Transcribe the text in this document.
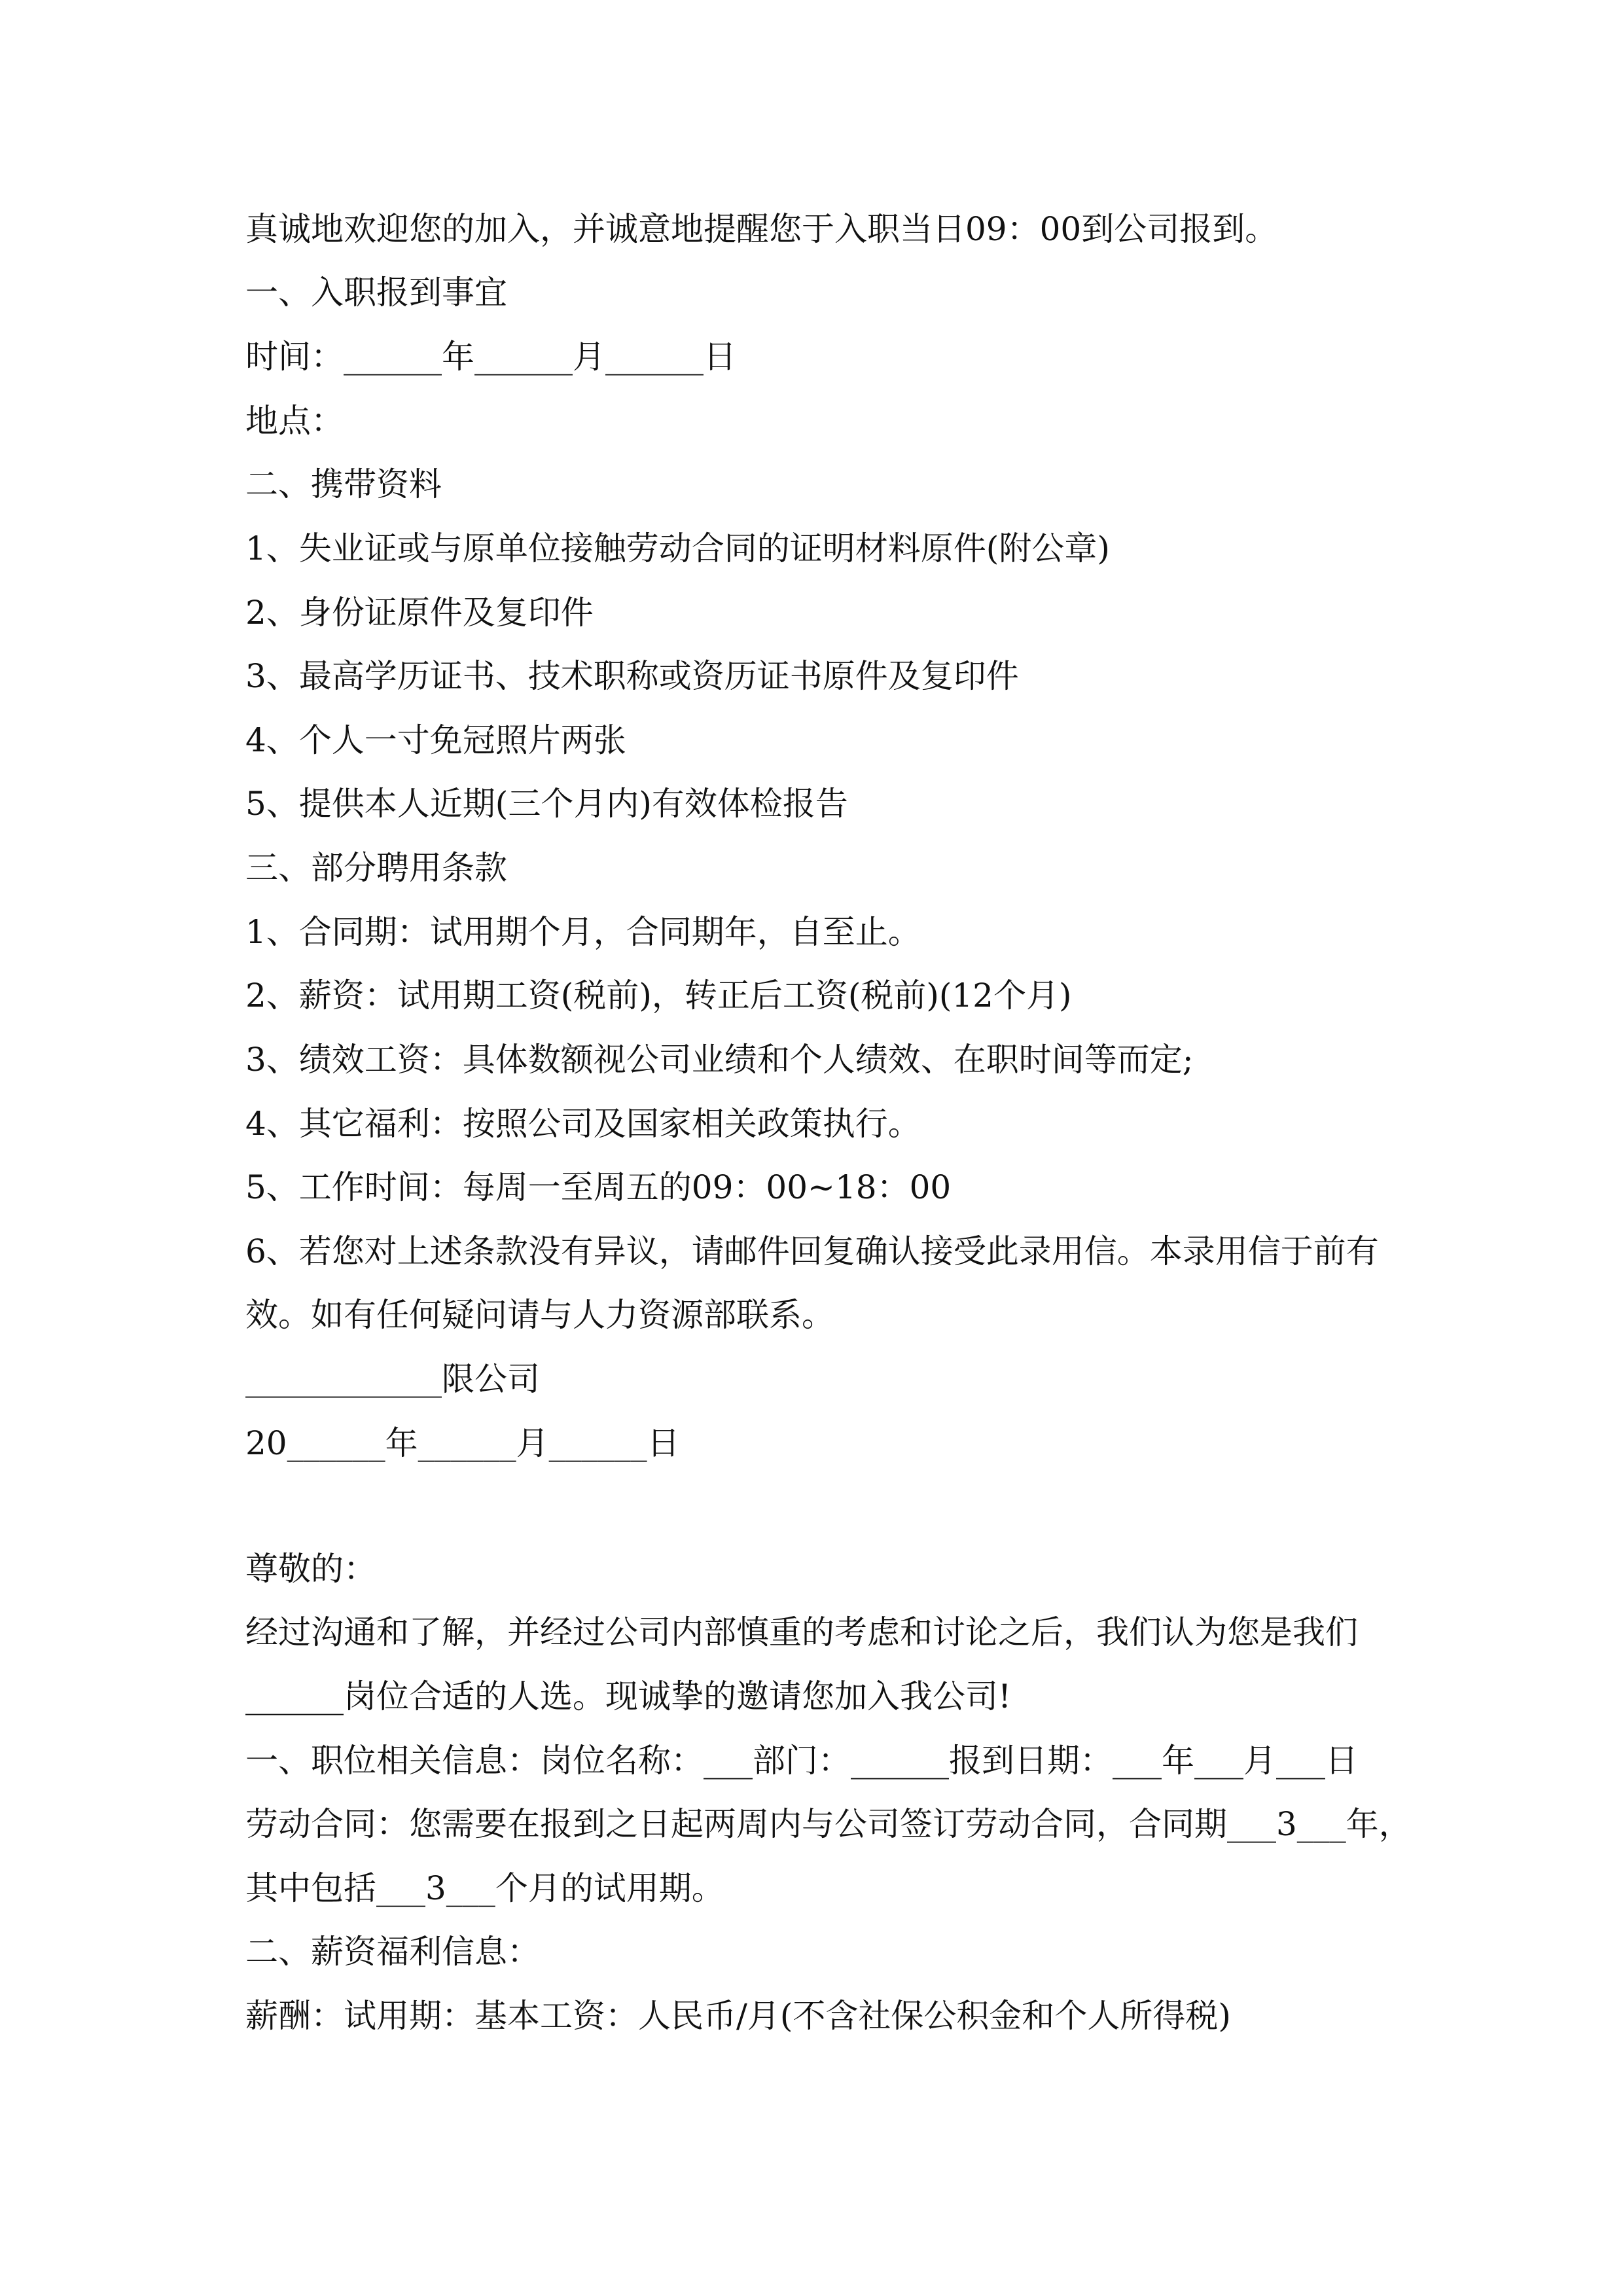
真诚地欢迎您的加入，并诚意地提醒您于入职当日09：00到公司报到。
一、入职报到事宜
时间：______年______月______日
地点：
二、携带资料
1、失业证或与原单位接触劳动合同的证明材料原件(附公章)
2、身份证原件及复印件
3、最高学历证书、技术职称或资历证书原件及复印件
4、个人一寸免冠照片两张
5、提供本人近期(三个月内)有效体检报告
三、部分聘用条款
1、合同期：试用期个月，合同期年，自至止。
2、薪资：试用期工资(税前)，转正后工资(税前)(12个月)
3、绩效工资：具体数额视公司业绩和个人绩效、在职时间等而定;
4、其它福利：按照公司及国家相关政策执行。
5、工作时间：每周一至周五的09：00~18：00
6、若您对上述条款没有异议，请邮件回复确认接受此录用信。本录用信于前有
效。如有任何疑问请与人力资源部联系。
____________限公司
20______年______月______日
尊敬的：
经过沟通和了解，并经过公司内部慎重的考虑和讨论之后，我们认为您是我们
______岗位合适的人选。现诚挚的邀请您加入我公司!
一、职位相关信息：岗位名称：___部门：______报到日期：___年___月___日
劳动合同：您需要在报到之日起两周内与公司签订劳动合同，合同期___3___年，
其中包括___3___个月的试用期。
二、薪资福利信息：
薪酬：试用期：基本工资：人民币/月(不含社保公积金和个人所得税)
